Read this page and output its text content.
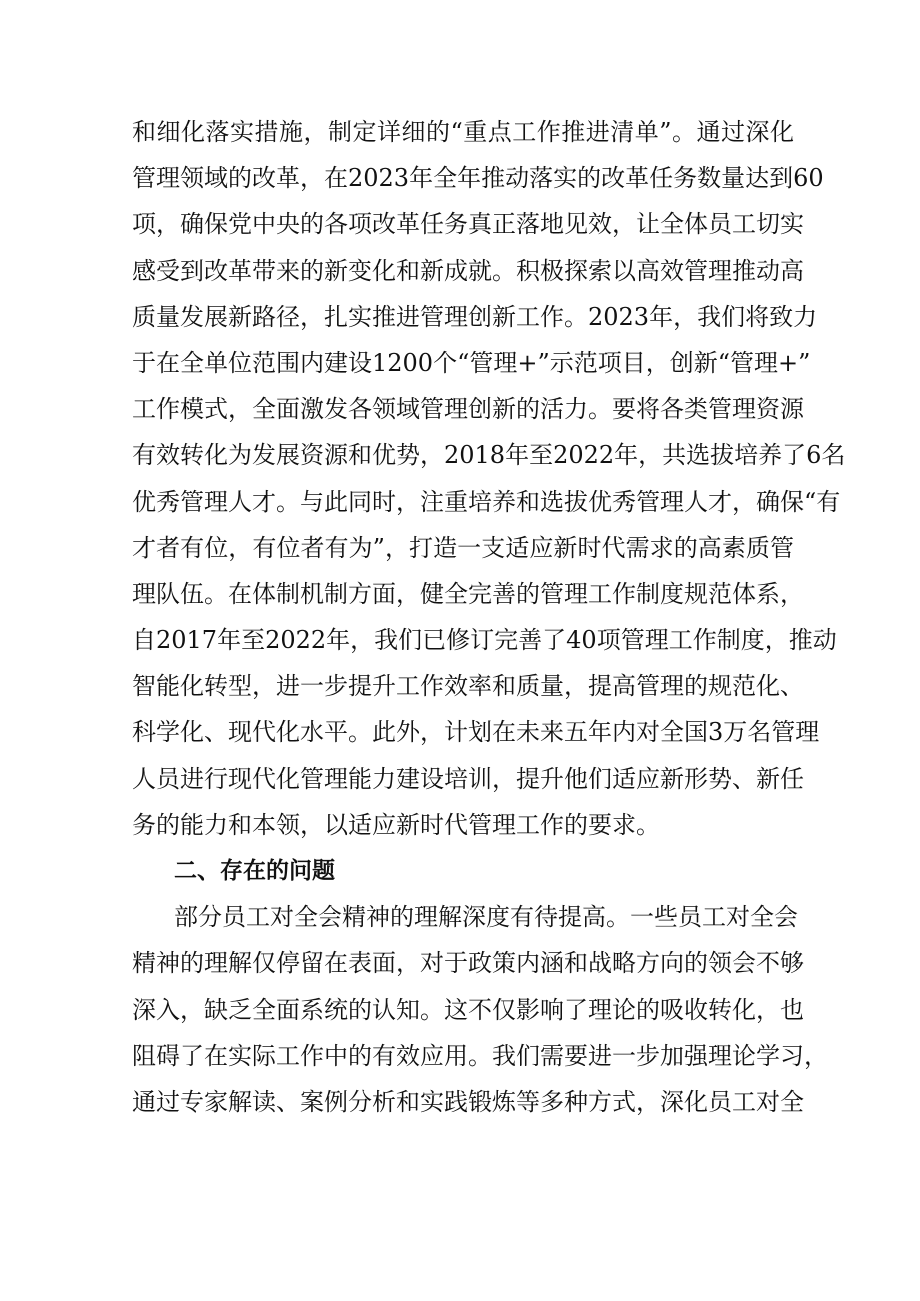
和细化落实措施，制定详细的“重点工作推进清单”。通过深化
管理领域的改革，在2023年全年推动落实的改革任务数量达到60
项，确保党中央的各项改革任务真正落地见效，让全体员工切实
感受到改革带来的新变化和新成就。积极探索以高效管理推动高
质量发展新路径，扎实推进管理创新工作。2023年，我们将致力
于在全单位范围内建设1200个“管理+”示范项目，创新“管理+”
工作模式，全面激发各领域管理创新的活力。要将各类管理资源
有效转化为发展资源和优势，2018年至2022年，共选拔培养了6名
优秀管理人才。与此同时，注重培养和选拔优秀管理人才，确保“有
才者有位，有位者有为”，打造一支适应新时代需求的高素质管
理队伍。在体制机制方面，健全完善的管理工作制度规范体系，
自2017年至2022年，我们已修订完善了40项管理工作制度，推动
智能化转型，进一步提升工作效率和质量，提高管理的规范化、
科学化、现代化水平。此外，计划在未来五年内对全国3万名管理
人员进行现代化管理能力建设培训，提升他们适应新形势、新任
务的能力和本领，以适应新时代管理工作的要求。
二、存在的问题
部分员工对全会精神的理解深度有待提高。一些员工对全会
精神的理解仅停留在表面，对于政策内涵和战略方向的领会不够
深入，缺乏全面系统的认知。这不仅影响了理论的吸收转化，也
阻碍了在实际工作中的有效应用。我们需要进一步加强理论学习，
通过专家解读、案例分析和实践锻炼等多种方式，深化员工对全
